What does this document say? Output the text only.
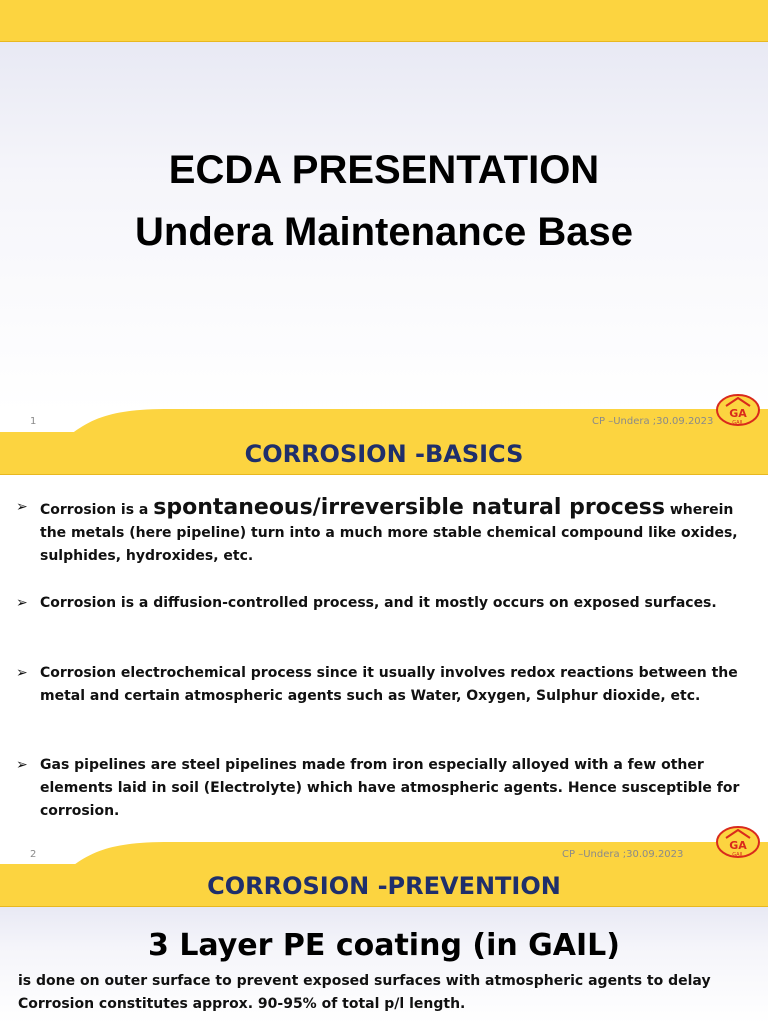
ECDA PRESENTATION
Undera Maintenance Base
1	CP –Undera ;30.09.2023
GA
GAIL
CORROSION -BASICS
➢ Corrosion is a spontaneous/irreversible natural process wherein the metals (here pipeline) turn into a much more stable chemical compound like oxides, sulphides, hydroxides, etc.
➢ Corrosion is a diffusion-controlled process, and it mostly occurs on exposed surfaces.
➢ Corrosion electrochemical process since it usually involves redox reactions between the metal and certain atmospheric agents such as Water, Oxygen, Sulphur dioxide, etc.
➢ Gas pipelines are steel pipelines made from iron especially alloyed with a few other elements laid in soil (Electrolyte) which have atmospheric agents. Hence susceptible for corrosion.
2	CP –Undera ;30.09.2023
GA
GAIL
CORROSION -PREVENTION
3 Layer PE coating (in GAIL)
is done on outer surface to prevent exposed surfaces with atmospheric agents to delay
Corrosion constitutes approx. 90-95% of total p/l length.
